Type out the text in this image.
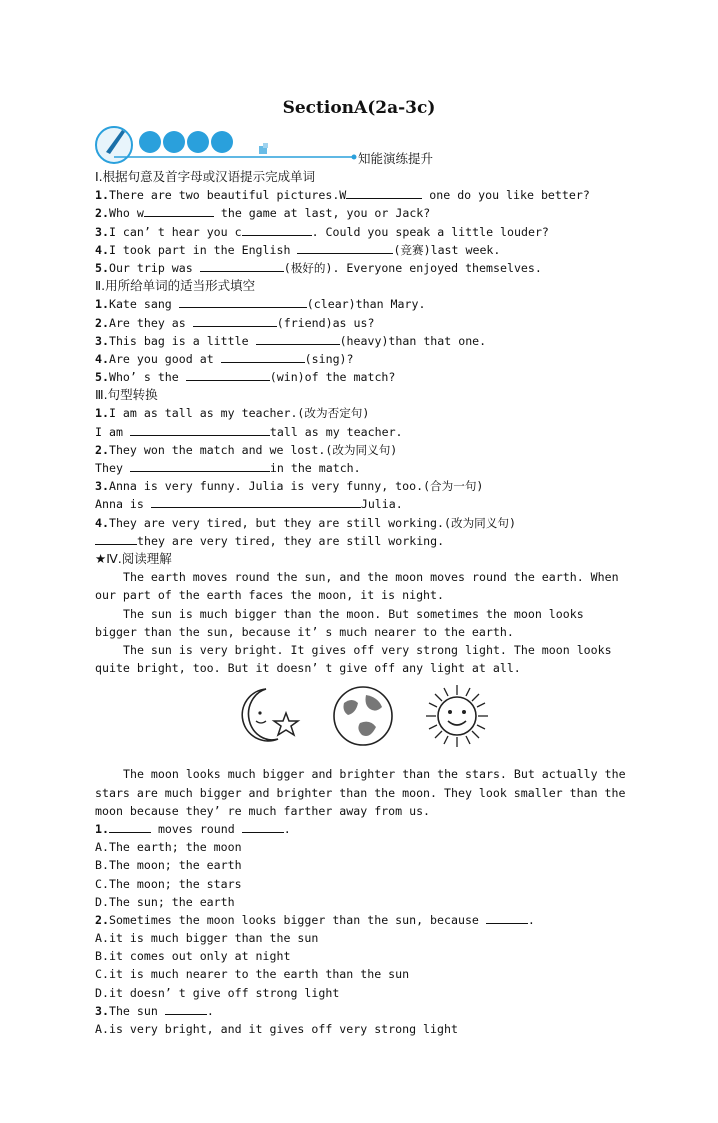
SectionA(2a-3c)
知能演练提升
Ⅰ.根据句意及首字母或汉语提示完成单词
1.There are two beautiful pictures.W	one do you like better?
2.Who w	the game at last, you or Jack?
3.I can’ t hear you c	. Could you speak a little louder?
4.I took part in the English	(竞赛)last week.
5.Our trip was	(极好的). Everyone enjoyed themselves.
Ⅱ.用所给单词的适当形式填空
1.Kate sang	(clear)than Mary.
2.Are they as	(friend)as us?
3.This bag is a little	(heavy)than that one.
4.Are you good at	(sing)?
5.Who’ s the	(win)of the match?
Ⅲ.句型转换
1.I am as tall as my teacher.(改为否定句)
I am	tall as my teacher.
2.They won the match and we lost.(改为同义句)
They	in the match.
3.Anna is very funny. Julia is very funny, too.(合为一句)
Anna is	Julia.
4.They are very tired, but they are still working.(改为同义句)
they are very tired, they are still working.
★Ⅳ.阅读理解
The earth moves round the sun, and the moon moves round the earth. When our part of the earth faces the moon, it is night.
The sun is much bigger than the moon. But sometimes the moon looks bigger than the sun, because it’ s much nearer to the earth.
The sun is very bright. It gives off very strong light. The moon looks quite bright, too. But it doesn’ t give off any light at all.
The moon looks much bigger and brighter than the stars. But actually the stars are much bigger and brighter than the moon. They look smaller than the moon because they’ re much farther away from us.
1.	moves round	.
A.The earth; the moon
B.The moon; the earth
C.The moon; the stars
D.The sun; the earth
2.Sometimes the moon looks bigger than the sun, because	.
A.it is much bigger than the sun
B.it comes out only at night
C.it is much nearer to the earth than the sun
D.it doesn’ t give off strong light
3.The sun	.
A.is very bright, and it gives off very strong light
